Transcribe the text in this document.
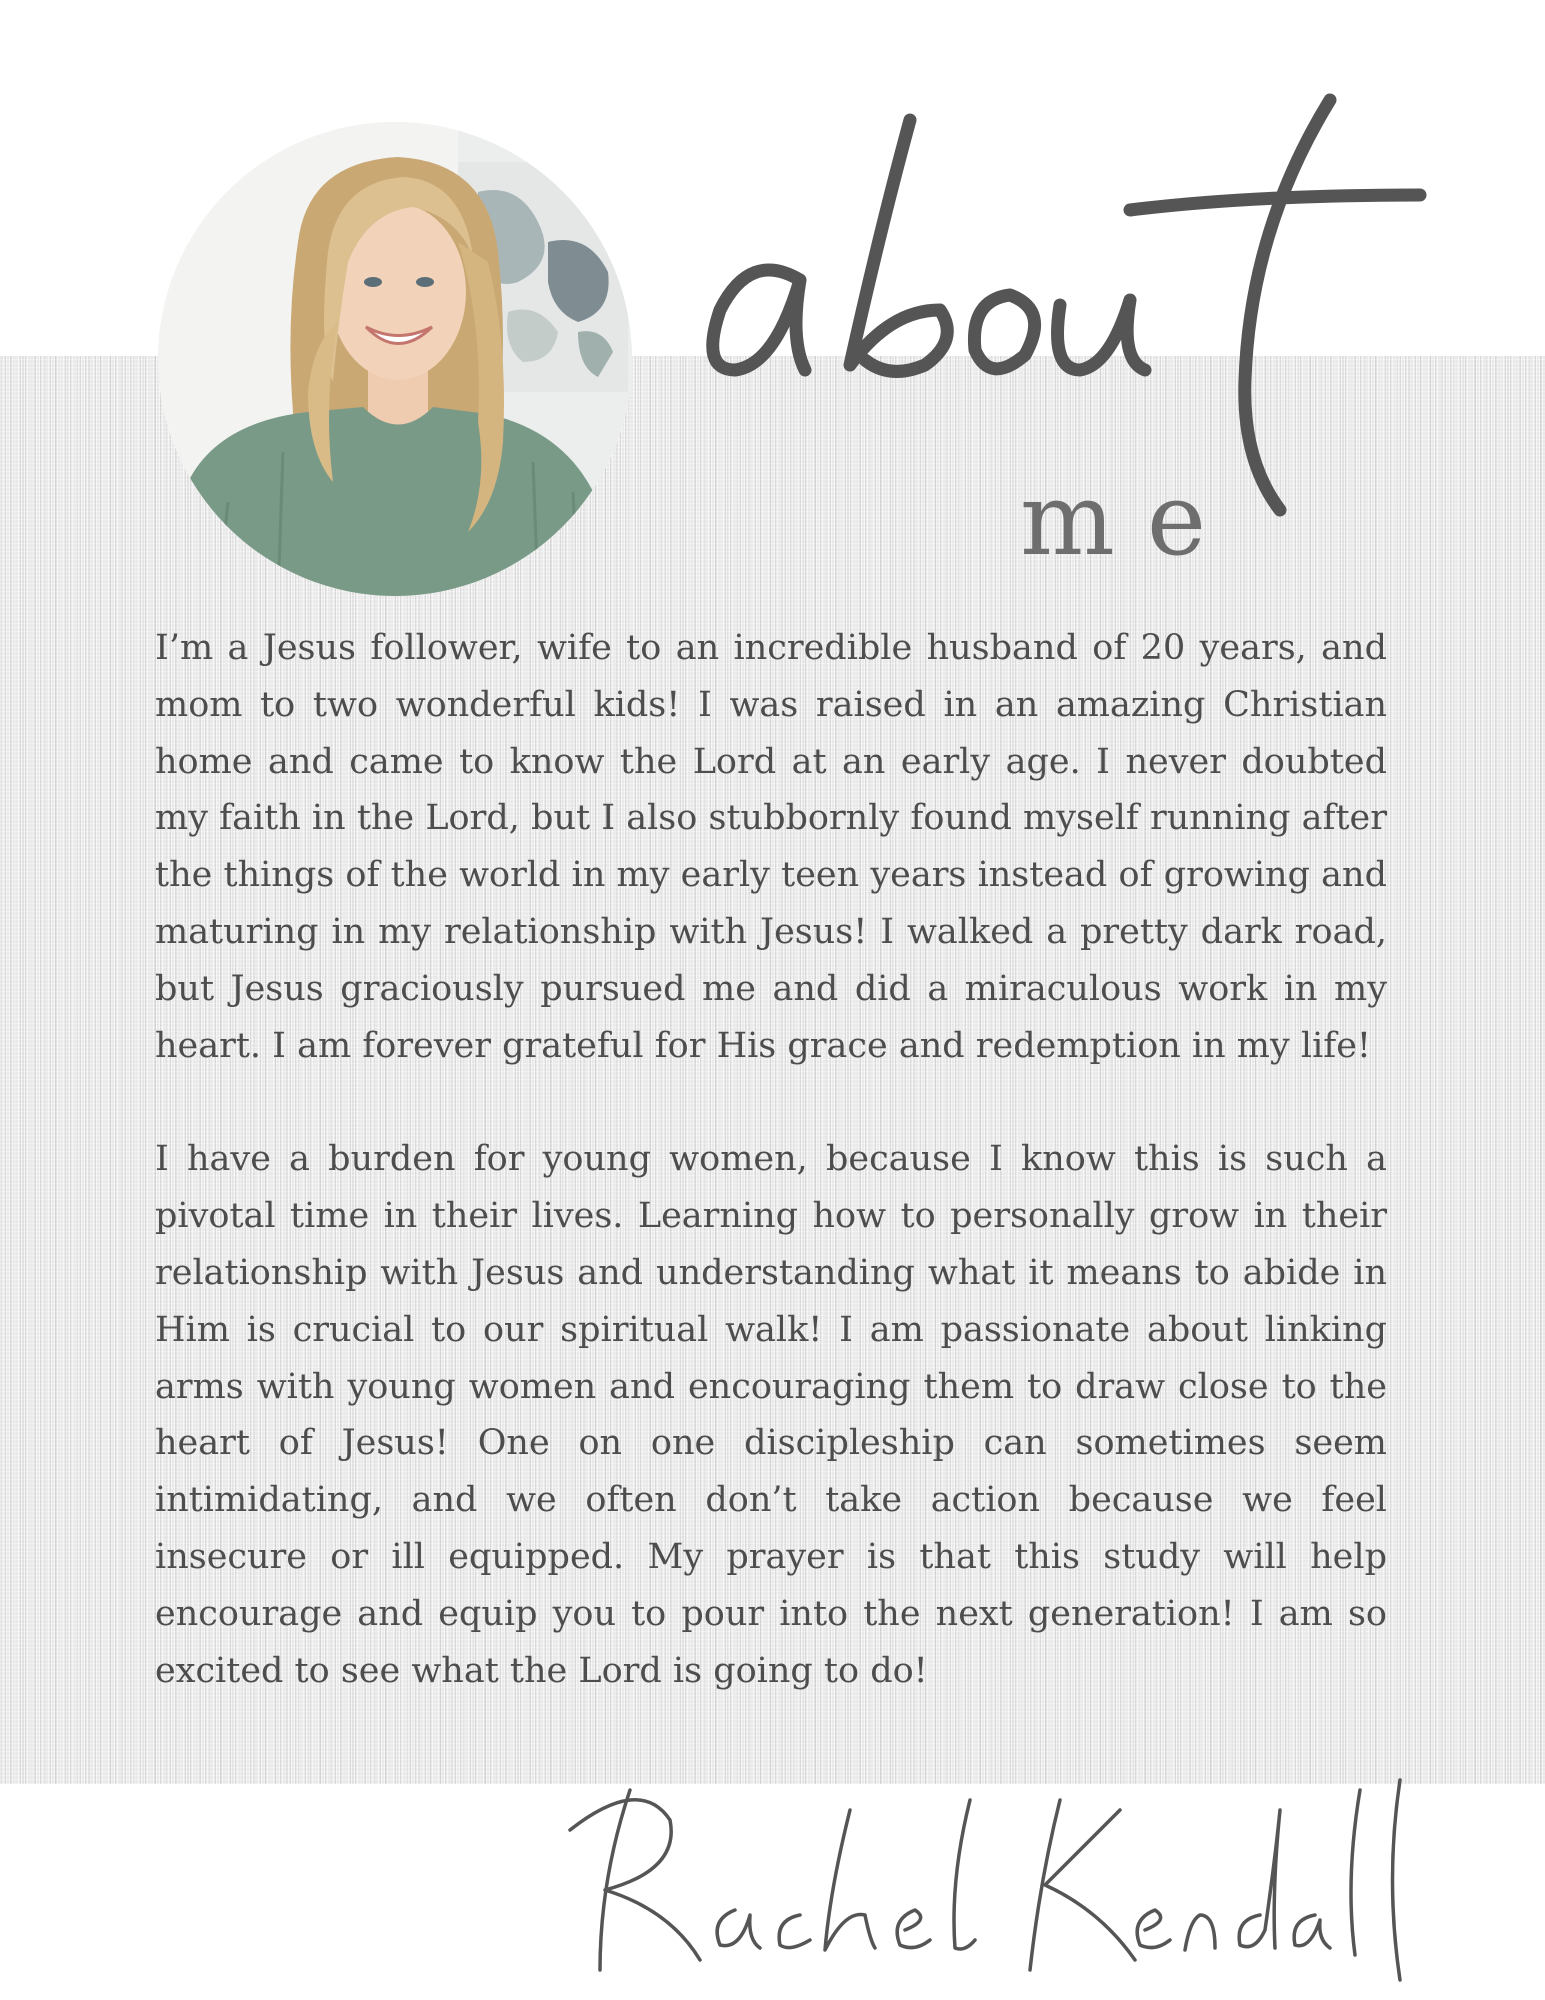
me

I’m a Jesus follower, wife to an incredible husband of 20 years, and mom to two wonderful kids! I was raised in an amazing Christian home and came to know the Lord at an early age. I never doubted my faith in the Lord, but I also stubbornly found myself running after the things of the world in my early teen years instead of growing and maturing in my relationship with Jesus! I walked a pretty dark road, but Jesus graciously pursued me and did a miraculous work in my heart. I am forever grateful for His grace and redemption in my life!

I have a burden for young women, because I know this is such a pivotal time in their lives. Learning how to personally grow in their relationship with Jesus and understanding what it means to abide in Him is crucial to our spiritual walk! I am passionate about linking arms with young women and encouraging them to draw close to the heart of Jesus! One on one discipleship can sometimes seem intimidating, and we often don’t take action because we feel insecure or ill equipped. My prayer is that this study will help encourage and equip you to pour into the next generation! I am so excited to see what the Lord is going to do!
